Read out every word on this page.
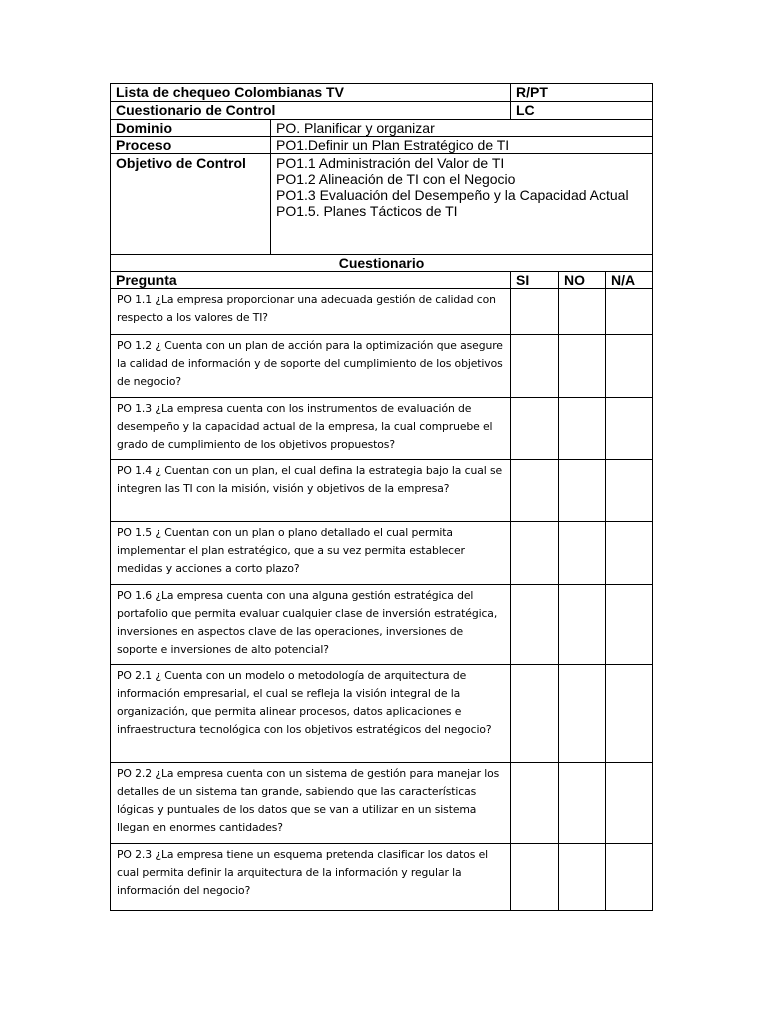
Lista de chequeo Colombianas TV		R/PT		
Cuestionario de Control		LC		
Dominio	PO. Planificar y organizar			
Proceso	PO1.Definir un Plan Estratégico de TI			
Objetivo de Control	PO1.1 Administración del Valor de TI
PO1.2 Alineación de TI con el Negocio
PO1.3 Evaluación del Desempeño y la Capacidad Actual
PO1.5. Planes Tácticos de TI			

Cuestionario				
Pregunta		SI	NO	N/A
PO 1.1 ¿La empresa proporcionar una adecuada gestión de calidad con respecto a los valores de TI?				
PO 1.2 ¿ Cuenta con un plan de acción para la optimización que asegure la calidad de información y de soporte del cumplimiento de los objetivos de negocio?				
PO 1.3 ¿La empresa cuenta con los instrumentos de evaluación de desempeño y la capacidad actual de la empresa, la cual compruebe el grado de cumplimiento de los objetivos propuestos?				
PO 1.4 ¿ Cuentan con un plan, el cual defina la estrategia bajo la cual se integren las TI con la misión, visión y objetivos de la empresa?				
PO 1.5 ¿ Cuentan con un plan o plano detallado el cual permita implementar el plan estratégico, que a su vez permita establecer medidas y acciones a corto plazo?				
PO 1.6 ¿La empresa cuenta con una alguna gestión estratégica del portafolio que permita evaluar cualquier clase de inversión estratégica, inversiones en aspectos clave de las operaciones, inversiones de soporte e inversiones de alto potencial?				
PO 2.1 ¿ Cuenta con un modelo o metodología de arquitectura de información empresarial, el cual se refleja la visión integral de la organización, que permita alinear procesos, datos aplicaciones e infraestructura tecnológica con los objetivos estratégicos del negocio?				
PO 2.2 ¿La empresa cuenta con un sistema de gestión para manejar los detalles de un sistema tan grande, sabiendo que las características lógicas y puntuales de los datos que se van a utilizar en un sistema llegan en enormes cantidades?				
PO 2.3 ¿La empresa tiene un esquema pretenda clasificar los datos el cual permita definir la arquitectura de la información y regular la información del negocio?				
